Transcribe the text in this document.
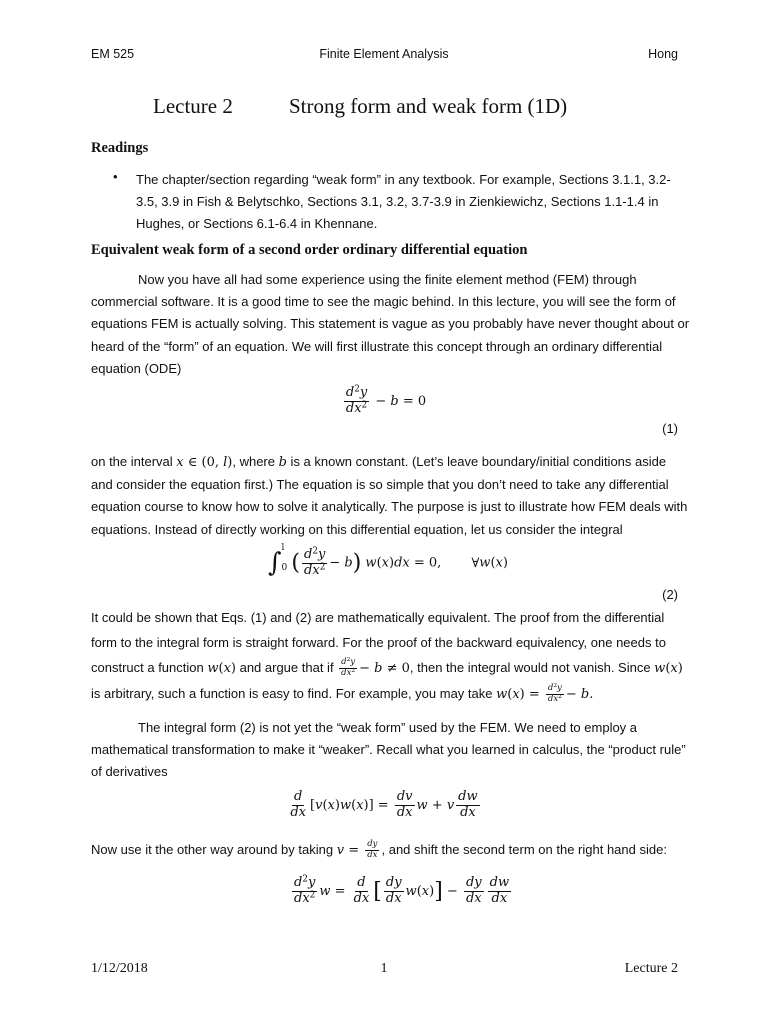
EM 525	Finite Element Analysis	Hong
Lecture 2	Strong form and weak form (1D)
Readings
• The chapter/section regarding “weak form” in any textbook. For example, Sections 3.1.1, 3.2-3.5, 3.9 in Fish & Belytschko, Sections 3.1, 3.2, 3.7-3.9 in Zienkiewichz, Sections 1.1-1.4 in Hughes, or Sections 6.1-6.4 in Khennane.
Equivalent weak form of a second order ordinary differential equation
Now you have all had some experience using the finite element method (FEM) through commercial software. It is a good time to see the magic behind. In this lecture, you will see the form of equations FEM is actually solving. This statement is vague as you probably have never thought about or heard of the “form” of an equation. We will first illustrate this concept through an ordinary differential equation (ODE)
$\frac{d^2y}{dx^2} - b = 0$
(1)
on the interval x ∈ (0, l), where b is a known constant. (Let’s leave boundary/initial conditions aside and consider the equation first.) The equation is so simple that you don’t need to take any differential equation course to know how to solve it analytically. The purpose is just to illustrate how FEM deals with equations. Instead of directly working on this differential equation, let us consider the integral
∫ l
0 ( $\frac{d^2y}{dx^2} - b$) w(x)dx = 0, ∀w(x)
(2)
It could be shown that Eqs. (1) and (2) are mathematically equivalent. The proof from the differential form to the integral form is straight forward. For the proof of the backward equivalency, one needs to construct a function w(x) and argue that if $\frac{d^2y}{dx^2} - b \ne 0$, then the integral would not vanish. Since w(x) is arbitrary, such a function is easy to find. For example, you may take $w(x) = \frac{d^2y}{dx^2} - b$.
The integral form (2) is not yet the “weak form” used by the FEM. We need to employ a mathematical transformation to make it “weaker”. Recall what you learned in calculus, the “product rule” of derivatives
$\frac{d}{dx} [v(x)w(x)] = \frac{dv}{dx}$ w + v $\frac{dw}{dx}$
Now use it the other way around by taking $v = \frac{dy}{dx}$ , and shift the second term on the right hand side:
$\frac{d^2y}{dx^2}$ $w = \frac{d}{dx}$ [ $\frac{dy}{dx} w(x)] - \frac{dy}{dx} \frac{dw}{dx}$
1/12/2018	1	Lecture 2
